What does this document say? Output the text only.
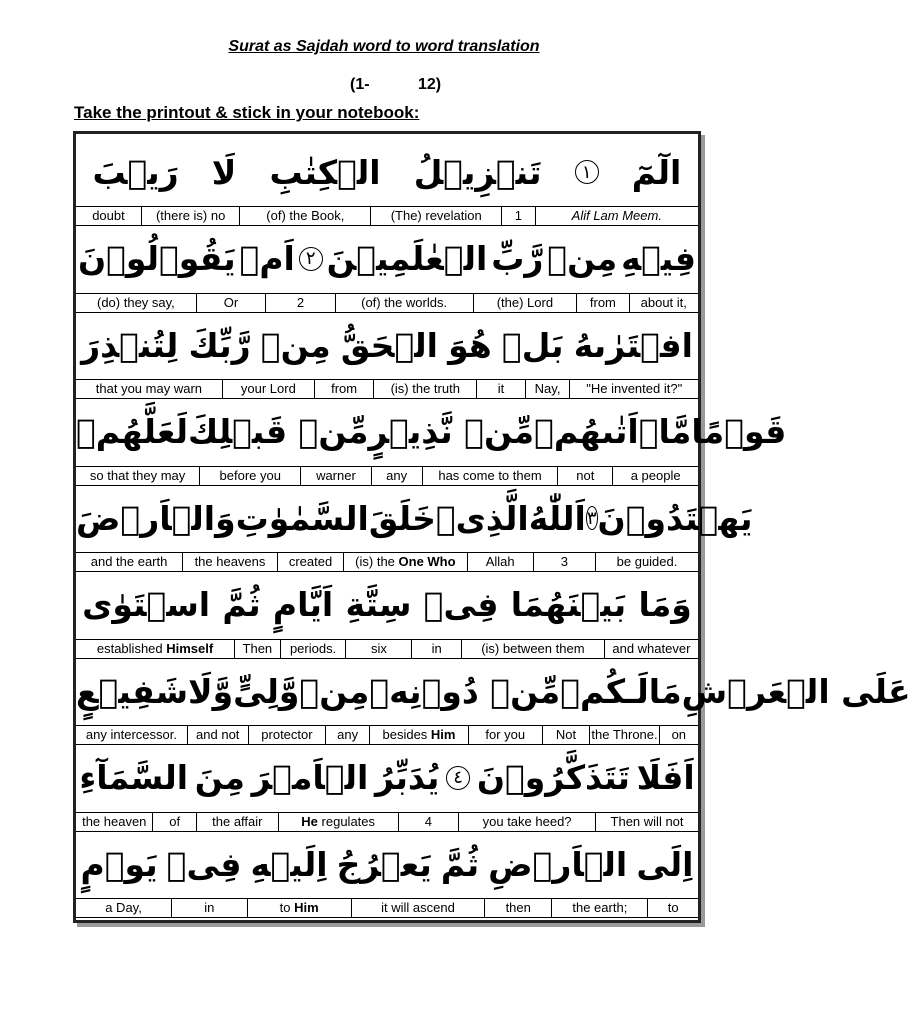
Surat as Sajdah word to word translation
(1-	12)
Take the printout & stick in your notebook:
الٓمٓ
١
تَنۡزِيۡلُ
الۡكِتٰبِ
لَا
رَيۡبَ
Alif Lam Meem.
1
(The) revelation
(of) the Book,
(there is) no
doubt
فِيۡهِ
مِنۡ
رَّبِّ
الۡعٰلَمِيۡنَ
٢
اَمۡ
يَقُوۡلُوۡنَ
about it,
from
(the) Lord
(of) the worlds.
2
Or
(do) they say,
افۡتَرٰٮهُ
بَلۡ
هُوَ
الۡحَقُّ
مِنۡ
رَّبِّكَ
لِتُنۡذِرَ
"He invented it?"
Nay,
it
(is) the truth
from
your Lord
that you may warn
قَوۡمًا
مَّاۤ
اَتٰٮهُمۡ
مِّنۡ نَّذِيۡرٍ
مِّنۡ قَبۡلِكَ
لَعَلَّهُمۡ
a people
not
has come to them
any
warner
before you
so that they may
يَهۡتَدُوۡنَ
٣
اَللّٰهُ
الَّذِىۡ
خَلَقَ
السَّمٰوٰتِ
وَالۡاَرۡضَ
be guided.
3
Allah
(is) the One Who
created
the heavens
and the earth
وَمَا
بَيۡنَهُمَا
فِىۡ
سِتَّةِ
اَيَّامٍ
ثُمَّ
اسۡتَوٰى
and whatever
(is) between them
in
six
periods.
Then
established Himself
عَلَى الۡعَرۡشِ
مَا
لَـكُمۡ
مِّنۡ دُوۡنِهٖ
مِنۡ
وَّلِىٍّ
وَّلَا
شَفِيۡعٍ
on
the Throne.
Not
for you
besides Him
any
protector
and not
any intercessor.
اَفَلَا
تَتَذَكَّرُوۡنَ
٤
يُدَبِّرُ
الۡاَمۡرَ
مِنَ
السَّمَآءِ
Then will not
you take heed?
4
He regulates
the affair
of
the heaven
اِلَى
الۡاَرۡضِ
ثُمَّ
يَعۡرُجُ
اِلَيۡهِ
فِىۡ
يَوۡمٍ
to
the earth;
then
it will ascend
to Him
in
a Day,
